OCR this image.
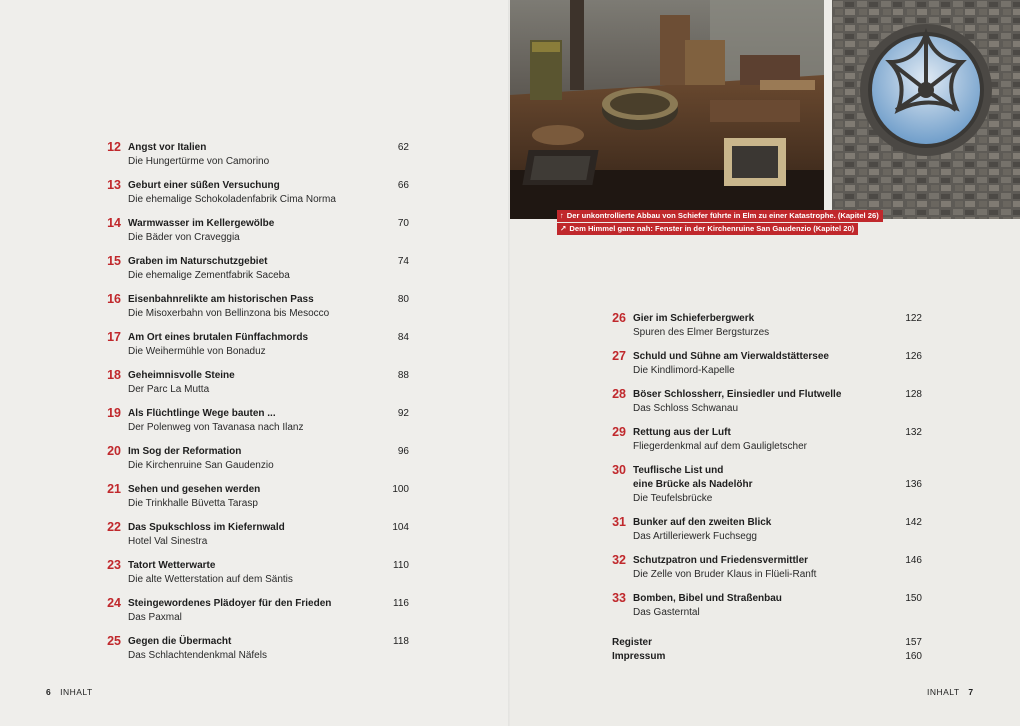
12 Angst vor Italien
Die Hungertürme von Camorino
62
13 Geburt einer süßen Versuchung
Die ehemalige Schokoladenfabrik Cima Norma
66
14 Warmwasser im Kellergewölbe
Die Bäder von Craveggia
70
15 Graben im Naturschutzgebiet
Die ehemalige Zementfabrik Saceba
74
16 Eisenbahnrelikte am historischen Pass
Die Misoxerbahn von Bellinzona bis Mesocco
80
17 Am Ort eines brutalen Fünffachmords
Die Weihermühle von Bonaduz
84
18 Geheimnisvolle Steine
Der Parc La Mutta
88
19 Als Flüchtlinge Wege bauten ...
Der Polenweg von Tavanasa nach Ilanz
92
20 Im Sog der Reformation
Die Kirchenruine San Gaudenzio
96
21 Sehen und gesehen werden
Die Trinkhalle Büvetta Tarasp
100
22 Das Spukschloss im Kiefernwald
Hotel Val Sinestra
104
23 Tatort Wetterwarte
Die alte Wetterstation auf dem Säntis
110
24 Steingewordenes Plädoyer für den Frieden
Das Paxmal
116
25 Gegen die Übermacht
Das Schlachtendenkmal Näfels
118
6 INHALT
↑ Der unkontrollierte Abbau von Schiefer führte in Elm zu einer Katastrophe. (Kapitel 26)
↗ Dem Himmel ganz nah: Fenster in der Kirchenruine San Gaudenzio (Kapitel 20)
26 Gier im Schieferbergwerk
Spuren des Elmer Bergsturzes
122
27 Schuld und Sühne am Vierwaldstättersee
Die Kindlimord-Kapelle
126
28 Böser Schlossherr, Einsiedler und Flutwelle
Das Schloss Schwanau
128
29 Rettung aus der Luft
Fliegerdenkmal auf dem Gauligletscher
132
30 Teuflische List und
eine Brücke als Nadelöhr
Die Teufelsbrücke
136
31 Bunker auf den zweiten Blick
Das Artilleriewerk Fuchsegg
142
32 Schutzpatron und Friedensvermittler
Die Zelle von Bruder Klaus in Flüeli-Ranft
146
33 Bomben, Bibel und Straßenbau
Das Gasterntal
150
Register	157
Impressum	160
INHALT 7
